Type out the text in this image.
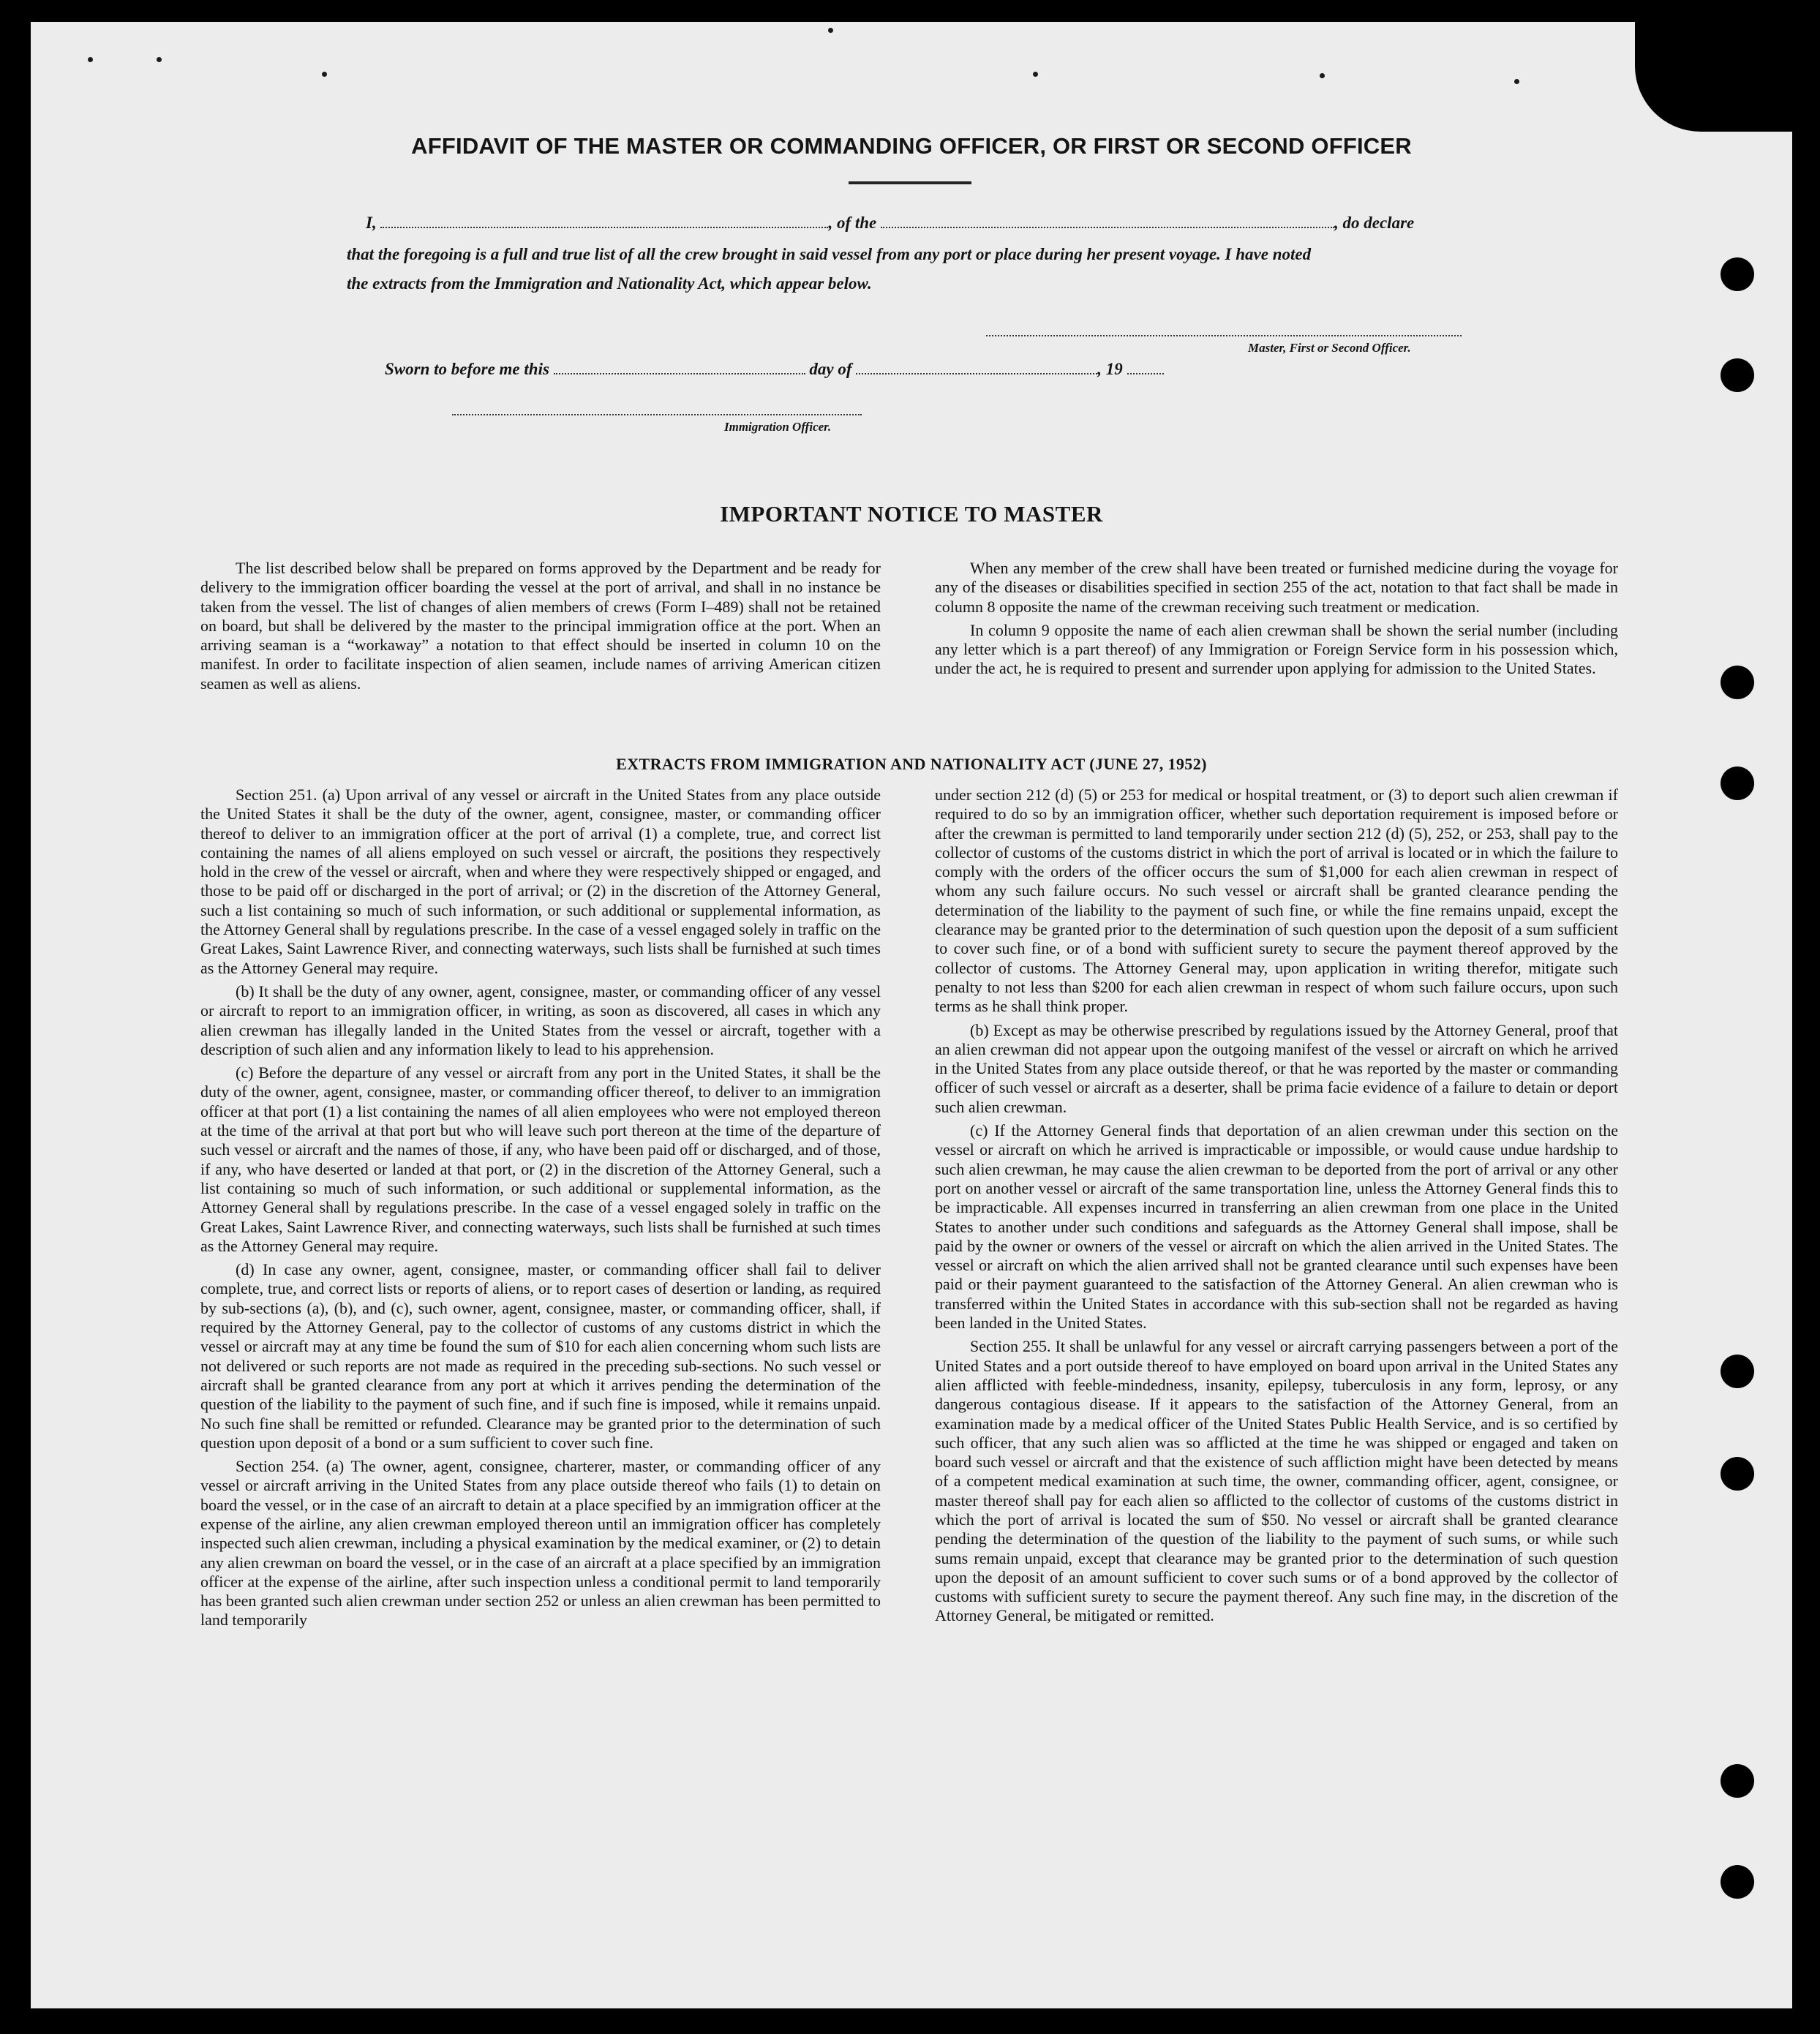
AFFIDAVIT OF THE MASTER OR COMMANDING OFFICER, OR FIRST OR SECOND OFFICER
I,	, of the	, do declare
that the foregoing is a full and true list of all the crew brought in said vessel from any port or place during her present voyage. I have noted
the extracts from the Immigration and Nationality Act, which appear below.
Master, First or Second Officer.
Sworn to before me this	day of	, 19
Immigration Officer.
IMPORTANT NOTICE TO MASTER

The list described below shall be prepared on forms approved by the Department and be ready for delivery to the immigration officer boarding the vessel at the port of arrival, and shall in no instance be taken from the vessel. The list of changes of alien members of crews (Form I–489) shall not be retained on board, but shall be delivered by the master to the principal immigration office at the port. When an arriving seaman is a “workaway” a notation to that effect should be inserted in column 10 on the manifest. In order to facilitate inspection of alien seamen, include names of arriving American citizen seamen as well as aliens.

When any member of the crew shall have been treated or furnished medicine during the voyage for any of the diseases or disabilities specified in section 255 of the act, notation to that fact shall be made in column 8 opposite the name of the crewman receiving such treatment or medication.

In column 9 opposite the name of each alien crewman shall be shown the serial number (including any letter which is a part thereof) of any Immigration or Foreign Service form in his possession which, under the act, he is required to present and surrender upon applying for admission to the United States.

EXTRACTS FROM IMMIGRATION AND NATIONALITY ACT (JUNE 27, 1952)

Section 251. (a) Upon arrival of any vessel or aircraft in the United States from any place outside the United States it shall be the duty of the owner, agent, consignee, master, or commanding officer thereof to deliver to an immigration officer at the port of arrival (1) a complete, true, and correct list containing the names of all aliens employed on such vessel or aircraft, the positions they respectively hold in the crew of the vessel or aircraft, when and where they were respectively shipped or engaged, and those to be paid off or discharged in the port of arrival; or (2) in the discretion of the Attorney General, such a list containing so much of such information, or such additional or supplemental information, as the Attorney General shall by regulations prescribe. In the case of a vessel engaged solely in traffic on the Great Lakes, Saint Lawrence River, and connecting waterways, such lists shall be furnished at such times as the Attorney General may require.

(b) It shall be the duty of any owner, agent, consignee, master, or commanding officer of any vessel or aircraft to report to an immigration officer, in writing, as soon as discovered, all cases in which any alien crewman has illegally landed in the United States from the vessel or aircraft, together with a description of such alien and any information likely to lead to his apprehension.

(c) Before the departure of any vessel or aircraft from any port in the United States, it shall be the duty of the owner, agent, consignee, master, or commanding officer thereof, to deliver to an immigration officer at that port (1) a list containing the names of all alien employees who were not employed thereon at the time of the arrival at that port but who will leave such port thereon at the time of the departure of such vessel or aircraft and the names of those, if any, who have been paid off or discharged, and of those, if any, who have deserted or landed at that port, or (2) in the discretion of the Attorney General, such a list containing so much of such information, or such additional or supplemental information, as the Attorney General shall by regulations prescribe. In the case of a vessel engaged solely in traffic on the Great Lakes, Saint Lawrence River, and connecting waterways, such lists shall be furnished at such times as the Attorney General may require.

(d) In case any owner, agent, consignee, master, or commanding officer shall fail to deliver complete, true, and correct lists or reports of aliens, or to report cases of desertion or landing, as required by sub-sections (a), (b), and (c), such owner, agent, consignee, master, or commanding officer, shall, if required by the Attorney General, pay to the collector of customs of any customs district in which the vessel or aircraft may at any time be found the sum of $10 for each alien concerning whom such lists are not delivered or such reports are not made as required in the preceding sub-sections. No such vessel or aircraft shall be granted clearance from any port at which it arrives pending the determination of the question of the liability to the payment of such fine, and if such fine is imposed, while it remains unpaid. No such fine shall be remitted or refunded. Clearance may be granted prior to the determination of such question upon deposit of a bond or a sum sufficient to cover such fine.

Section 254. (a) The owner, agent, consignee, charterer, master, or commanding officer of any vessel or aircraft arriving in the United States from any place outside thereof who fails (1) to detain on board the vessel, or in the case of an aircraft to detain at a place specified by an immigration officer at the expense of the airline, any alien crewman employed thereon until an immigration officer has completely inspected such alien crewman, including a physical examination by the medical examiner, or (2) to detain any alien crewman on board the vessel, or in the case of an aircraft at a place specified by an immigration officer at the expense of the airline, after such inspection unless a conditional permit to land temporarily has been granted such alien crewman under section 252 or unless an alien crewman has been permitted to land temporarily

under section 212 (d) (5) or 253 for medical or hospital treatment, or (3) to deport such alien crewman if required to do so by an immigration officer, whether such deportation requirement is imposed before or after the crewman is permitted to land temporarily under section 212 (d) (5), 252, or 253, shall pay to the collector of customs of the customs district in which the port of arrival is located or in which the failure to comply with the orders of the officer occurs the sum of $1,000 for each alien crewman in respect of whom any such failure occurs. No such vessel or aircraft shall be granted clearance pending the determination of the liability to the payment of such fine, or while the fine remains unpaid, except the clearance may be granted prior to the determination of such question upon the deposit of a sum sufficient to cover such fine, or of a bond with sufficient surety to secure the payment thereof approved by the collector of customs. The Attorney General may, upon application in writing therefor, mitigate such penalty to not less than $200 for each alien crewman in respect of whom such failure occurs, upon such terms as he shall think proper.

(b) Except as may be otherwise prescribed by regulations issued by the Attorney General, proof that an alien crewman did not appear upon the outgoing manifest of the vessel or aircraft on which he arrived in the United States from any place outside thereof, or that he was reported by the master or commanding officer of such vessel or aircraft as a deserter, shall be prima facie evidence of a failure to detain or deport such alien crewman.

(c) If the Attorney General finds that deportation of an alien crewman under this section on the vessel or aircraft on which he arrived is impracticable or impossible, or would cause undue hardship to such alien crewman, he may cause the alien crewman to be deported from the port of arrival or any other port on another vessel or aircraft of the same transportation line, unless the Attorney General finds this to be impracticable. All expenses incurred in transferring an alien crewman from one place in the United States to another under such conditions and safeguards as the Attorney General shall impose, shall be paid by the owner or owners of the vessel or aircraft on which the alien arrived in the United States. The vessel or aircraft on which the alien arrived shall not be granted clearance until such expenses have been paid or their payment guaranteed to the satisfaction of the Attorney General. An alien crewman who is transferred within the United States in accordance with this sub-section shall not be regarded as having been landed in the United States.

Section 255. It shall be unlawful for any vessel or aircraft carrying passengers between a port of the United States and a port outside thereof to have employed on board upon arrival in the United States any alien afflicted with feeble-mindedness, insanity, epilepsy, tuberculosis in any form, leprosy, or any dangerous contagious disease. If it appears to the satisfaction of the Attorney General, from an examination made by a medical officer of the United States Public Health Service, and is so certified by such officer, that any such alien was so afflicted at the time he was shipped or engaged and taken on board such vessel or aircraft and that the existence of such affliction might have been detected by means of a competent medical examination at such time, the owner, commanding officer, agent, consignee, or master thereof shall pay for each alien so afflicted to the collector of customs of the customs district in which the port of arrival is located the sum of $50. No vessel or aircraft shall be granted clearance pending the determination of the question of the liability to the payment of such sums, or while such sums remain unpaid, except that clearance may be granted prior to the determination of such question upon the deposit of an amount sufficient to cover such sums or of a bond approved by the collector of customs with sufficient surety to secure the payment thereof. Any such fine may, in the discretion of the Attorney General, be mitigated or remitted.
